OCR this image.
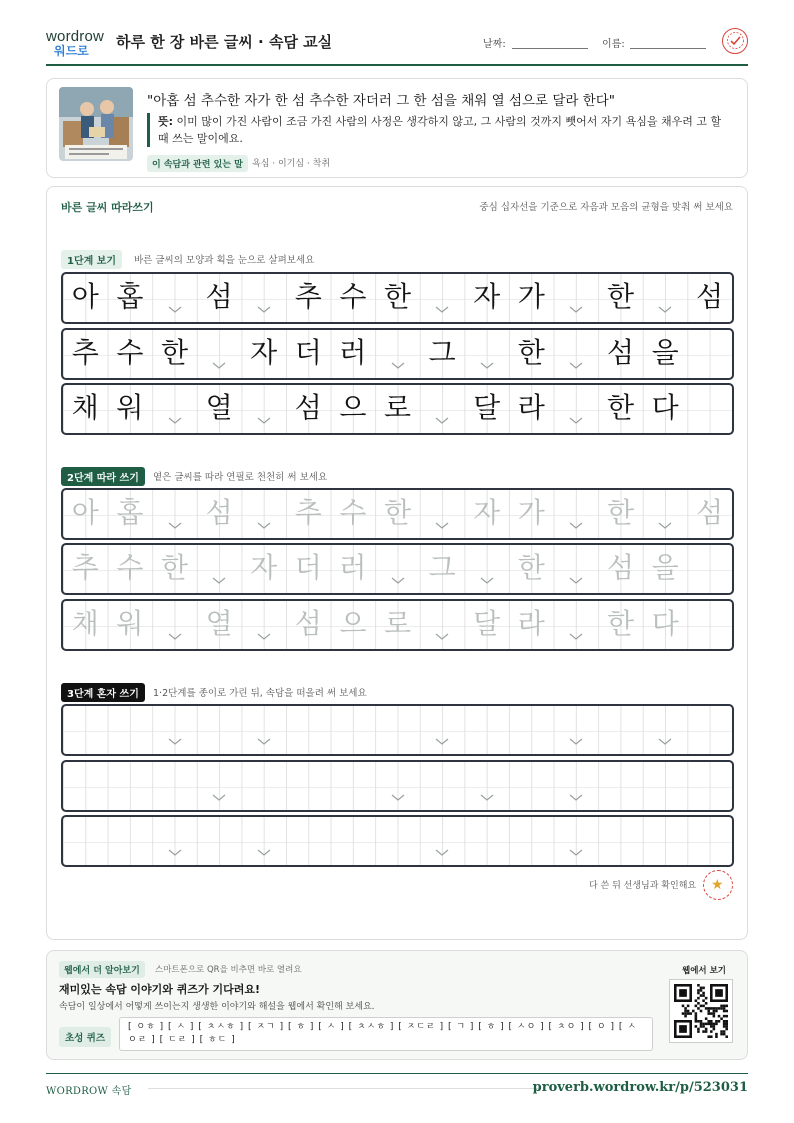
wordrow
워드로 하루 한 장 바른 글씨 · 속담 교실	날짜:	이름:
"아홉 섬 추수한 자가 한 섬 추수한 자더러 그 한 섬을 채워 열 섬으로 달라 한다"
뜻: 이미 많이 가진 사람이 조금 가진 사람의 사정은 생각하지 않고, 그 사람의 것까지 뺏어서 자기 욕심을 채우려 고 할 때 쓰는 말이에요.
이 속담과 관련 있는 말	욕심 · 이기심 · 착취
바른 글씨 따라쓰기	중심 십자선을 기준으로 자음과 모음의 균형을 맞춰 써 보세요
1단계 보기	바른 글씨의 모양과 획을 눈으로 살펴보세요
2단계 따라 쓰기	옅은 글씨를 따라 연필로 천천히 써 보세요
3단계 혼자 쓰기	1·2단계를 종이로 가린 뒤, 속담을 떠올려 써 보세요
아 홉	섬	추 수 한	자 가	한	섬
추 수 한	자 더 러	그	한	섬 을
채 워	열	섬 으 로	달 라	한 다
아 홉	섬	추 수 한	자 가	한	섬
추 수 한	자 더 러	그	한	섬 을
채 워	열	섬 으 로	달 라	한 다
다 쓴 뒤 선생님과 확인해요 ★
웹에서 더 알아보기	스마트폰으로 QR을 비추면 바로 열려요
재미있는 속담 이야기와 퀴즈가 기다려요!
속담이 일상에서 어떻게 쓰이는지 생생한 이야기와 해설을 웹에서 확인해 보세요.
초성 퀴즈
[ ㅇㅎ ] [ ㅅ ] [ ㅊㅅㅎ ] [ ㅈㄱ ] [ ㅎ ] [ ㅅ ] [ ㅊㅅㅎ ] [ ㅈㄷㄹ ] [ ㄱ ] [ ㅎ ] [ ㅅㅇ ] [ ㅊㅇ ] [ ㅇ ] [ ㅅㅇㄹ ] [ ㄷㄹ ] [ ㅎㄷ ]
웹에서 보기
WORDROW 속담	proverb.wordrow.kr/p/523031
